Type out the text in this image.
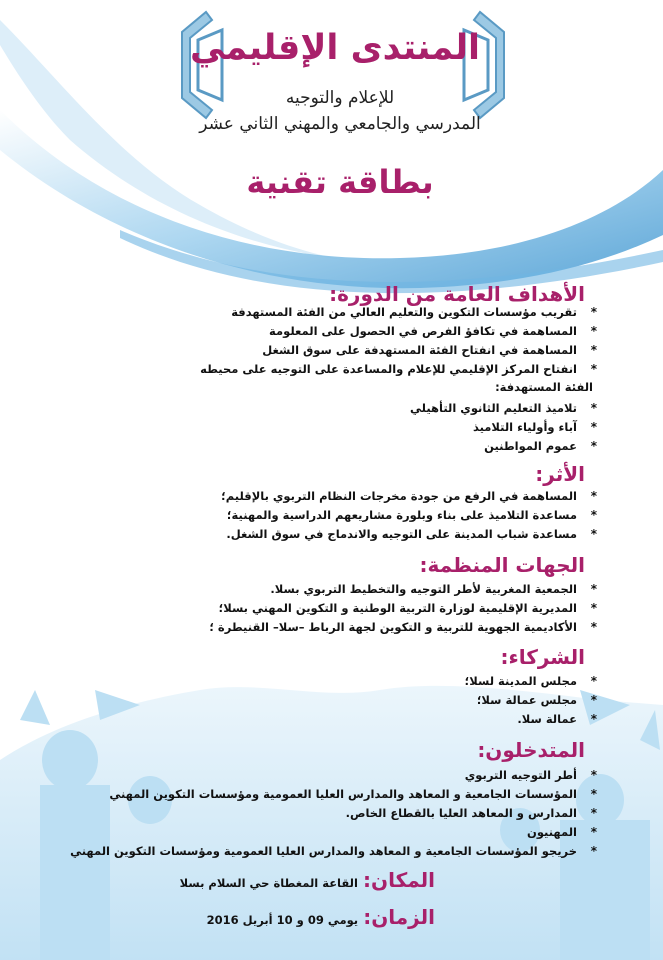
المنتدى الإقليمي
للإعلام والتوجيه
المدرسي والجامعي والمهني الثاني عشر
بطاقة تقنية
الأهداف العامة من الدورة:
*
تقريب مؤسسات التكوين والتعليم العالي من الفئة المستهدفة
*
المساهمة في تكافؤ الفرص في الحصول على المعلومة
*
المساهمة في انفتاح الفئة المستهدفة على سوق الشغل
*
انفتاح المركز الإقليمي للإعلام والمساعدة على التوجيه على محيطه
الفئة المستهدفة:
*
تلاميذ التعليم الثانوي التأهيلي
*
آباء وأولياء التلاميذ
*
عموم المواطنين
الأثر:
*
المساهمة في الرفع من جودة مخرجات النظام التربوي بالإقليم؛
*
مساعدة التلاميذ على بناء وبلورة مشاريعهم الدراسية والمهنية؛
*
مساعدة شباب المدينة على التوجيه والاندماج في سوق الشغل.
الجهات المنظمة:
*
الجمعية المغربية لأطر التوجيه والتخطيط التربوي بسلا.
*
المديرية الإقليمية لوزارة التربية الوطنية و التكوين المهني بسلا؛
*
الأكاديمية الجهوية للتربية و التكوين لجهة الرباط –سلا– القنيطرة ؛
الشركاء:
*
مجلس المدينة لسلا؛
*
مجلس عمالة سلا؛
*
عمالة سلا.
المتدخلون:
*
أطر التوجيه التربوي
*
المؤسسات الجامعية و المعاهد والمدارس العليا العمومية ومؤسسات التكوين المهني
*
المدارس و المعاهد العليا بالقطاع الخاص.
*
المهنيون
*
خريجو المؤسسات الجامعية و المعاهد والمدارس العليا العمومية ومؤسسات التكوين المهني
المكان: القاعة المغطاة حي السلام بسلا
الزمان: يومي 09 و 10 أبريل 2016
